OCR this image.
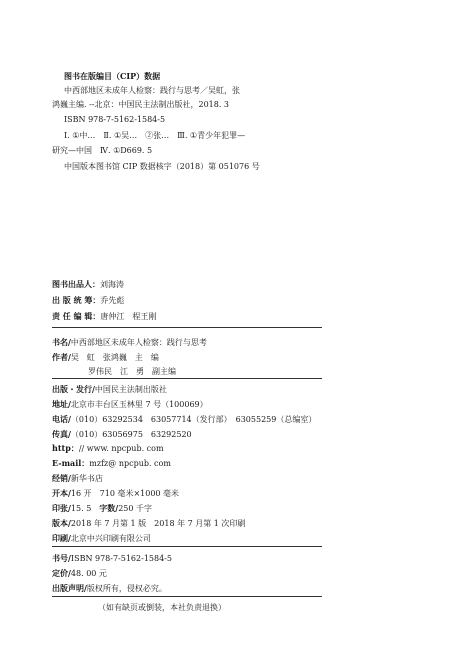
图书在版编目（CIP）数据
中西部地区未成年人检察：践行与思考／吴虹，张
鸿巍主编. --北京：中国民主法制出版社，2018. 3
ISBN 978-7-5162-1584-5
Ⅰ. ①中…　Ⅱ. ①吴…　②张…　Ⅲ. ①青少年犯罪—
研究—中国　Ⅳ. ①D669. 5
中国版本图书馆 CIP 数据核字（2018）第 051076 号
图书出品人：刘海涛
出 版 统 筹：乔先彪
责 任 编 辑：唐仲江　程王刚
书名/中西部地区未成年人检察：践行与思考
作者/吴　虹　张鸿巍　主　编
罗伟民　江　勇　副主编
出版・发行/中国民主法制出版社
地址/北京市丰台区玉林里 7 号（100069）
电话/（010）63292534　63057714（发行部）　63055259（总编室）
传真/（010）63056975　63292520
http：// www. npcpub. com
E-mail：mzfz@ npcpub. com
经销/新华书店
开本/16 开　710 毫米×1000 毫米
印张/15. 5　 字数/250 千字
版本/2018 年 7 月第 1 版　2018 年 7 月第 1 次印刷
印刷/北京中兴印刷有限公司
书号/ISBN 978-7-5162-1584-5
定价/48. 00 元
出版声明/版权所有，侵权必究。
（如有缺页或倒装，本社负责退换）
